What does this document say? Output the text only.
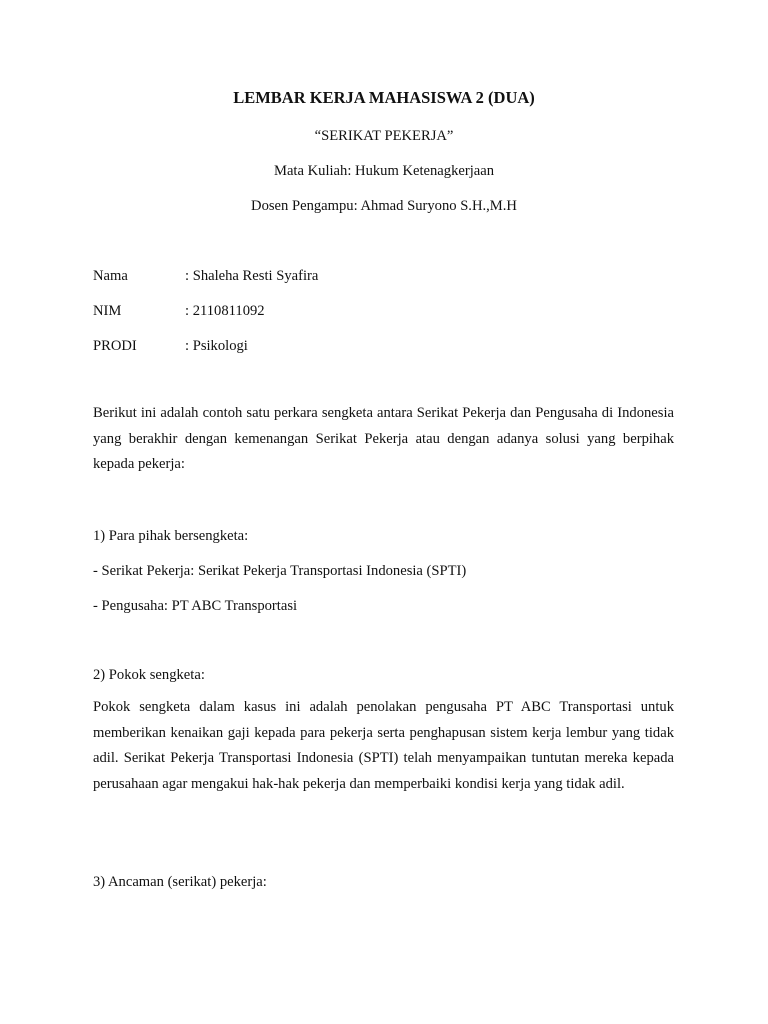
LEMBAR KERJA MAHASISWA 2 (DUA)
“SERIKAT PEKERJA”
Mata Kuliah: Hukum Ketenagkerjaan
Dosen Pengampu: Ahmad Suryono S.H.,M.H
Nama	: Shaleha Resti Syafira
NIM	: 2110811092
PRODI	: Psikologi
Berikut ini adalah contoh satu perkara sengketa antara Serikat Pekerja dan Pengusaha di Indonesia yang berakhir dengan kemenangan Serikat Pekerja atau dengan adanya solusi yang berpihak kepada pekerja:
1) Para pihak bersengketa:
- Serikat Pekerja: Serikat Pekerja Transportasi Indonesia (SPTI)
- Pengusaha: PT ABC Transportasi
2) Pokok sengketa:
Pokok sengketa dalam kasus ini adalah penolakan pengusaha PT ABC Transportasi untuk memberikan kenaikan gaji kepada para pekerja serta penghapusan sistem kerja lembur yang tidak adil. Serikat Pekerja Transportasi Indonesia (SPTI) telah menyampaikan tuntutan mereka kepada perusahaan agar mengakui hak-hak pekerja dan memperbaiki kondisi kerja yang tidak adil.
3) Ancaman (serikat) pekerja:
